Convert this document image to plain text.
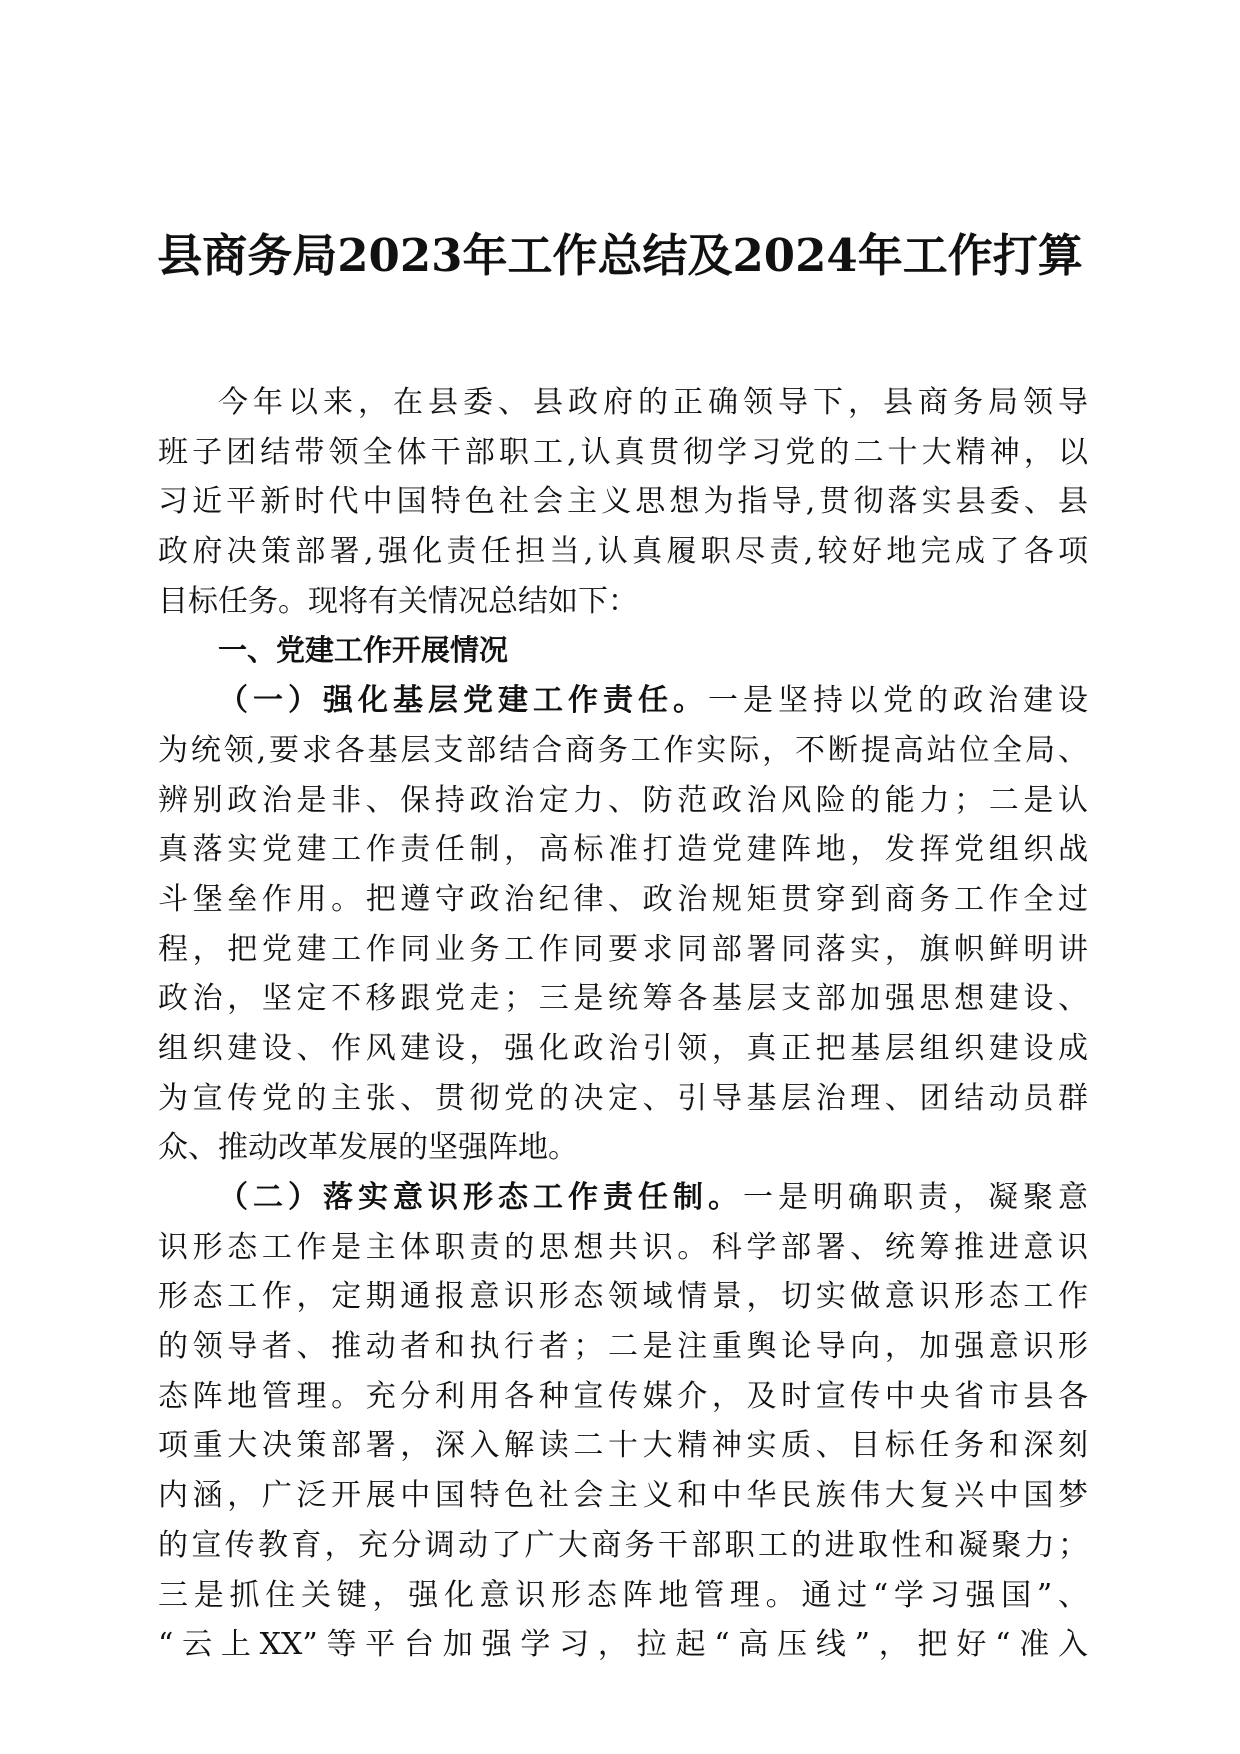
县商务局2023年工作总结及2024年工作打算
今年以来，在县委、县政府的正确领导下，县商务局领导
班子团结带领全体干部职工,认真贯彻学习党的二十大精神，以
习近平新时代中国特色社会主义思想为指导,贯彻落实县委、县
政府决策部署,强化责任担当,认真履职尽责,较好地完成了各项
目标任务。现将有关情况总结如下：
一、党建工作开展情况
（一）强化基层党建工作责任。一是坚持以党的政治建设
为统领,要求各基层支部结合商务工作实际，不断提高站位全局、
辨别政治是非、保持政治定力、防范政治风险的能力；二是认
真落实党建工作责任制，高标准打造党建阵地，发挥党组织战
斗堡垒作用。把遵守政治纪律、政治规矩贯穿到商务工作全过
程，把党建工作同业务工作同要求同部署同落实，旗帜鲜明讲
政治，坚定不移跟党走；三是统筹各基层支部加强思想建设、
组织建设、作风建设，强化政治引领，真正把基层组织建设成
为宣传党的主张、贯彻党的决定、引导基层治理、团结动员群
众、推动改革发展的坚强阵地。
（二）落实意识形态工作责任制。一是明确职责，凝聚意
识形态工作是主体职责的思想共识。科学部署、统筹推进意识
形态工作，定期通报意识形态领域情景，切实做意识形态工作
的领导者、推动者和执行者；二是注重舆论导向，加强意识形
态阵地管理。充分利用各种宣传媒介，及时宣传中央省市县各
项重大决策部署，深入解读二十大精神实质、目标任务和深刻
内涵，广泛开展中国特色社会主义和中华民族伟大复兴中国梦
的宣传教育，充分调动了广大商务干部职工的进取性和凝聚力；
三是抓住关键，强化意识形态阵地管理。通过“学习强国”、
“云上XX”等平台加强学习，拉起“高压线”，把好“准入
